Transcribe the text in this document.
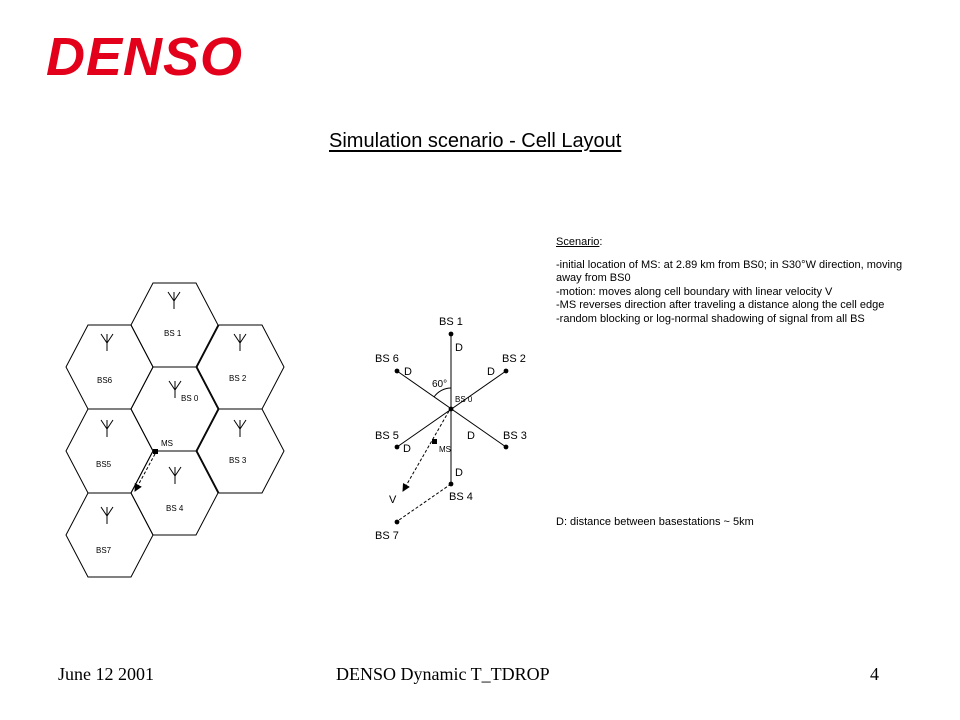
DENSO
Simulation scenario - Cell Layout
BS 1
BS6
BS 0
BS 2
BS5	BS 3
BS 4
BS7
MS
BS 1
BS 6	BS 2
BS 0
BS 5	BS 3
BS 4
BS 7
D
D	D
D
D
D
60°
MS
V
Scenario:
-initial location of MS: at 2.89 km from BS0; in S30°W direction, moving away from BS0
-motion: moves along cell boundary with linear velocity V
-MS reverses direction after traveling a distance along the cell edge
-random blocking or log-normal shadowing of signal from all BS
D: distance between basestations ~ 5km
June 12 2001	DENSO Dynamic T_TDROP	4
